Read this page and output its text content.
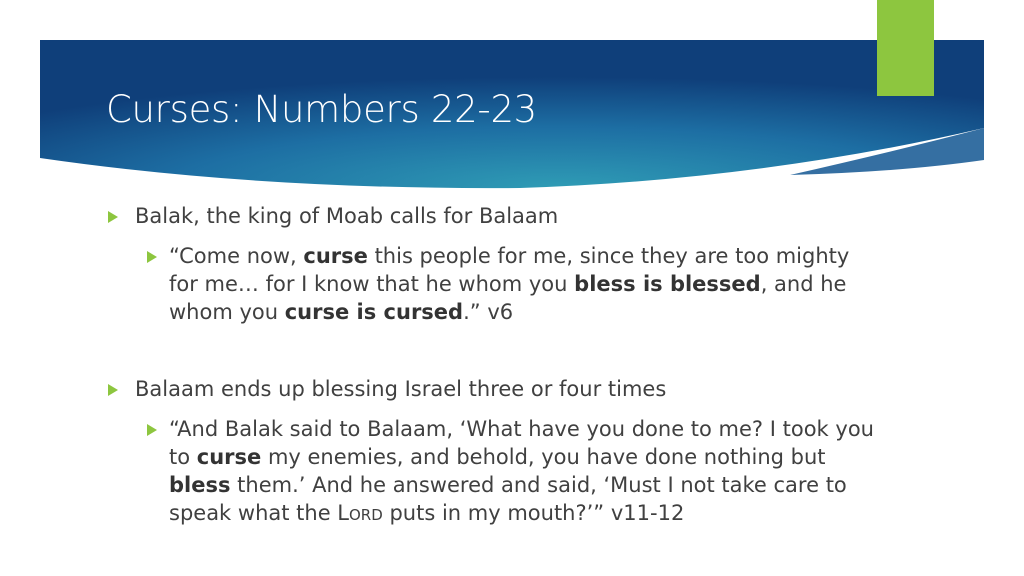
Curses: Numbers 22-23
Balak, the king of Moab calls for Balaam
“Come now, curse this people for me, since they are too mighty for me… for I know that he whom you bless is blessed, and he whom you curse is cursed.” v6
Balaam ends up blessing Israel three or four times
“And Balak said to Balaam, ‘What have you done to me? I took you to curse my enemies, and behold, you have done nothing but bless them.’ And he answered and said, ‘Must I not take care to speak what the LORD puts in my mouth?’” v11-12
